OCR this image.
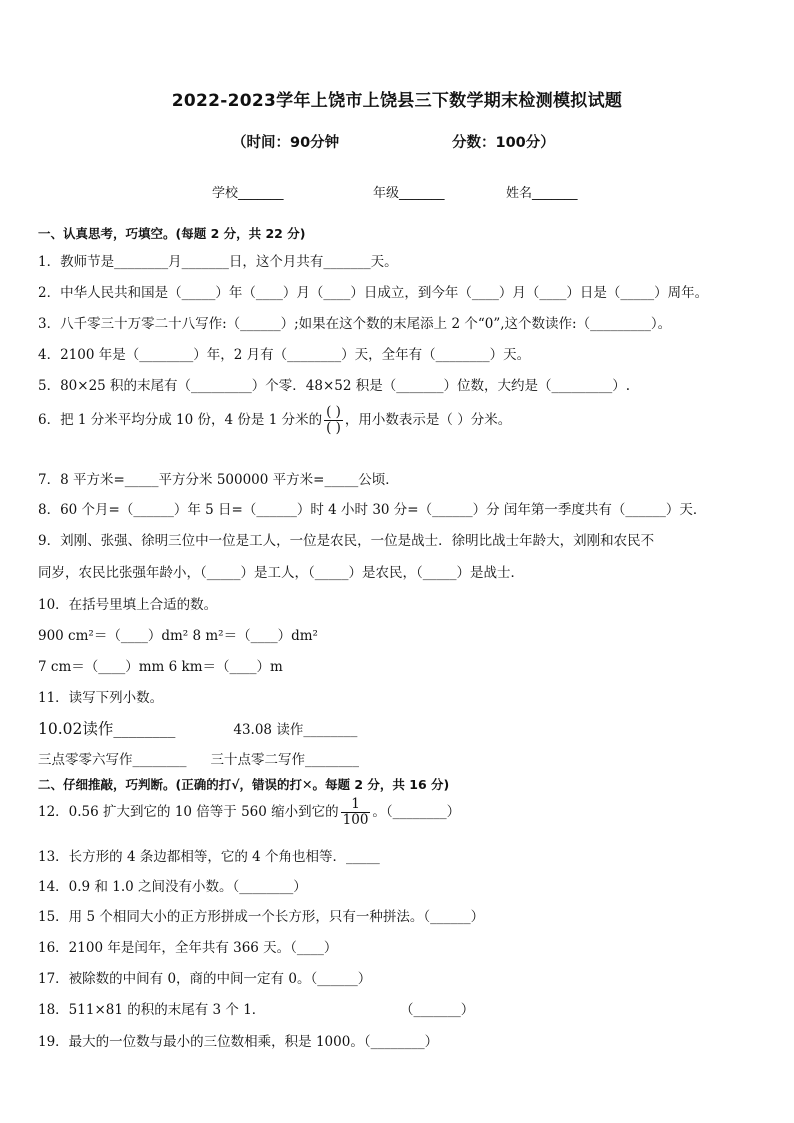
2022-2023学年上饶市上饶县三下数学期末检测模拟试题
（时间：90分钟	分数：100分）
学校_______	年级_______	姓名_______
一、认真思考，巧填空。(每题 2 分，共 22 分)
1．教师节是________月_______日，这个月共有_______天。
2．中华人民共和国是（_____）年（____）月（____）日成立，到今年（____）月（____）日是（_____）周年。
3．八千零三十万零二十八写作:（______）;如果在这个数的末尾添上 2 个“0”,这个数读作:（_________）。
4．2100 年是（________）年，2 月有（________）天，全年有（________）天。
5．80×25 积的末尾有（_________）个零．48×52 积是（_______）位数，大约是（_________）.
6．把 1 分米平均分成 10 份，4 份是 1 分米的 $\frac{( )}{( )}$ ，用小数表示是（ ）分米。
7．8 平方米=_____平方分米 500000 平方米=_____公顷．
8．60 个月=（______）年 5 日=（______）时 4 小时 30 分=（______）分 闰年第一季度共有（______）天．
9．刘刚、张强、徐明三位中一位是工人，一位是农民，一位是战士．徐明比战士年龄大，刘刚和农民不
同岁，农民比张强年龄小，（_____）是工人，（_____）是农民，（_____）是战士．
10．在括号里填上合适的数。
900 cm²＝（____）dm² 8 m²＝（____）dm²
7 cm＝（____）mm 6 km＝（____）m
11．读写下列小数。
10.02读作________	43.08 读作________
三点零零六写作________ 三十点零二写作________
二、仔细推敲，巧判断。(正确的打√，错误的打✕。每题 2 分，共 16 分)
12．0.56 扩大到它的 10 倍等于 560 缩小到它的 $\frac{1}{100}$ 。（________）
13．长方形的 4 条边都相等，它的 4 个角也相等．_____
14．0.9 和 1.0 之间没有小数。（________）
15．用 5 个相同大小的正方形拼成一个长方形，只有一种拼法。（______）
16．2100 年是闰年，全年共有 366 天。（____）
17．被除数的中间有 0，商的中间一定有 0。（______）
18．511×81 的积的末尾有 3 个 1．	（_______）
19．最大的一位数与最小的三位数相乘，积是 1000。（________）
